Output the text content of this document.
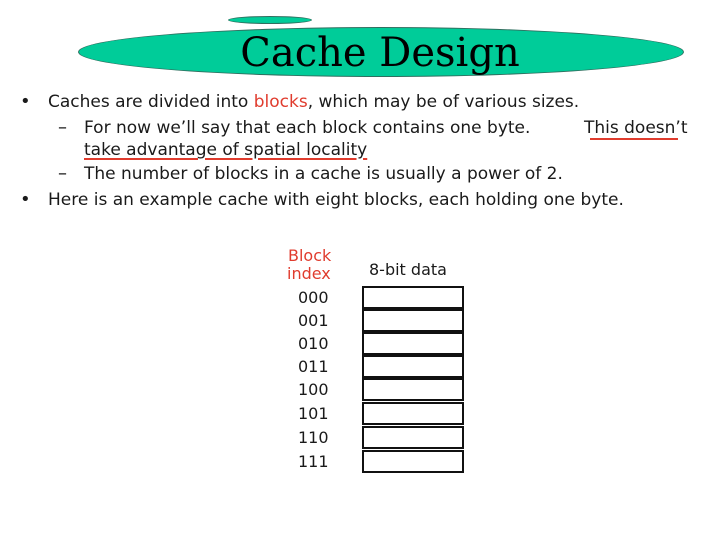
Cache Design
• Caches are divided into blocks, which may be of various sizes.
– For now we’ll say that each block contains one byte.	This doesn’t
take advantage of spatial locality
– The number of blocks in a cache is usually a power of 2.
• Here is an example cache with eight blocks, each holding one byte.
Block
index 8-bit data
000
001
010
011
100
101
110
111
